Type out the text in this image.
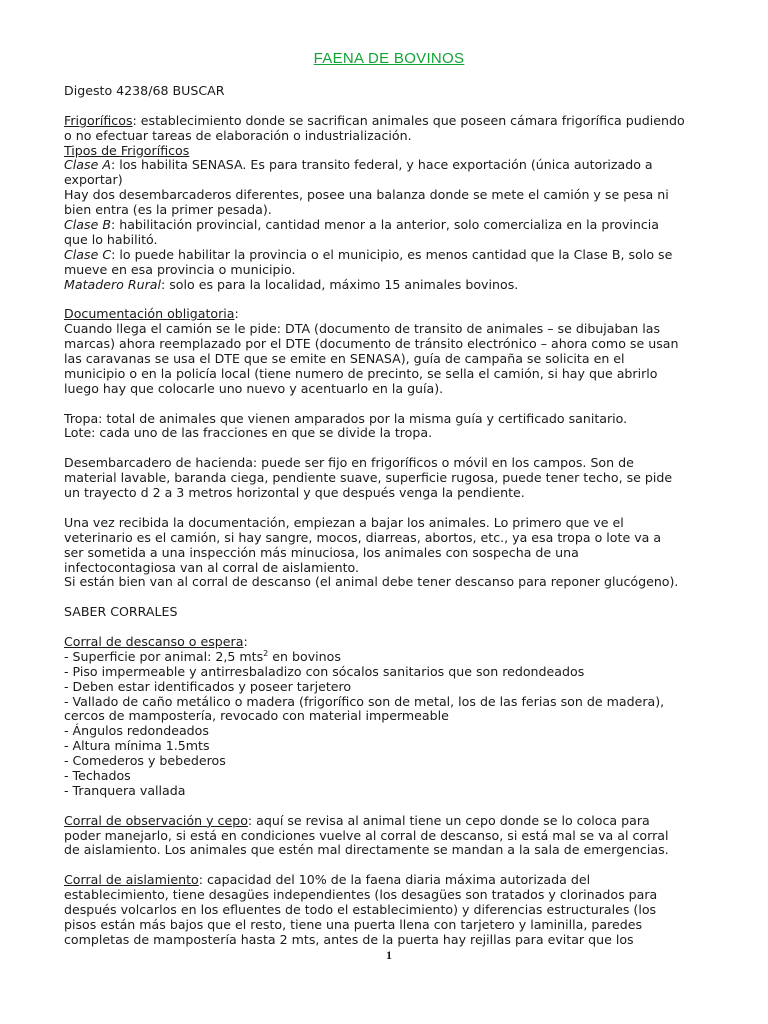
FAENA DE BOVINOS
Digesto 4238/68 BUSCAR
Frigoríficos: establecimiento donde se sacrifican animales que poseen cámara frigorífica pudiendo
o no efectuar tareas de elaboración o industrialización.
Tipos de Frigoríficos
Clase A: los habilita SENASA. Es para transito federal, y hace exportación (única autorizado a
exportar)
Hay dos desembarcaderos diferentes, posee una balanza donde se mete el camión y se pesa ni
bien entra (es la primer pesada).
Clase B: habilitación provincial, cantidad menor a la anterior, solo comercializa en la provincia
que lo habilitó.
Clase C: lo puede habilitar la provincia o el municipio, es menos cantidad que la Clase B, solo se
mueve en esa provincia o municipio.
Matadero Rural: solo es para la localidad, máximo 15 animales bovinos.
Documentación obligatoria:
Cuando llega el camión se le pide: DTA (documento de transito de animales – se dibujaban las
marcas) ahora reemplazado por el DTE (documento de tránsito electrónico – ahora como se usan
las caravanas se usa el DTE que se emite en SENASA), guía de campaña se solicita en el
municipio o en la policía local (tiene numero de precinto, se sella el camión, si hay que abrirlo
luego hay que colocarle uno nuevo y acentuarlo en la guía).
Tropa: total de animales que vienen amparados por la misma guía y certificado sanitario.
Lote: cada uno de las fracciones en que se divide la tropa.
Desembarcadero de hacienda: puede ser fijo en frigoríficos o móvil en los campos. Son de
material lavable, baranda ciega, pendiente suave, superficie rugosa, puede tener techo, se pide
un trayecto d 2 a 3 metros horizontal y que después venga la pendiente.
Una vez recibida la documentación, empiezan a bajar los animales. Lo primero que ve el
veterinario es el camión, si hay sangre, mocos, diarreas, abortos, etc., ya esa tropa o lote va a
ser sometida a una inspección más minuciosa, los animales con sospecha de una
infectocontagiosa van al corral de aislamiento.
Si están bien van al corral de descanso (el animal debe tener descanso para reponer glucógeno).
SABER CORRALES
Corral de descanso o espera:
- Superficie por animal: 2,5 mts$^2$ en bovinos
- Piso impermeable y antirresbaladizo con sócalos sanitarios que son redondeados
- Deben estar identificados y poseer tarjetero
- Vallado de caño metálico o madera (frigorífico son de metal, los de las ferias son de madera),
cercos de mampostería, revocado con material impermeable
- Ángulos redondeados
- Altura mínima 1.5mts
- Comederos y bebederos
- Techados
- Tranquera vallada
Corral de observación y cepo: aquí se revisa al animal tiene un cepo donde se lo coloca para
poder manejarlo, si está en condiciones vuelve al corral de descanso, si está mal se va al corral
de aislamiento. Los animales que estén mal directamente se mandan a la sala de emergencias.
Corral de aislamiento: capacidad del 10% de la faena diaria máxima autorizada del
establecimiento, tiene desagües independientes (los desagües son tratados y clorinados para
después volcarlos en los efluentes de todo el establecimiento) y diferencias estructurales (los
pisos están más bajos que el resto, tiene una puerta llena con tarjetero y laminilla, paredes
completas de mampostería hasta 2 mts, antes de la puerta hay rejillas para evitar que los
1
